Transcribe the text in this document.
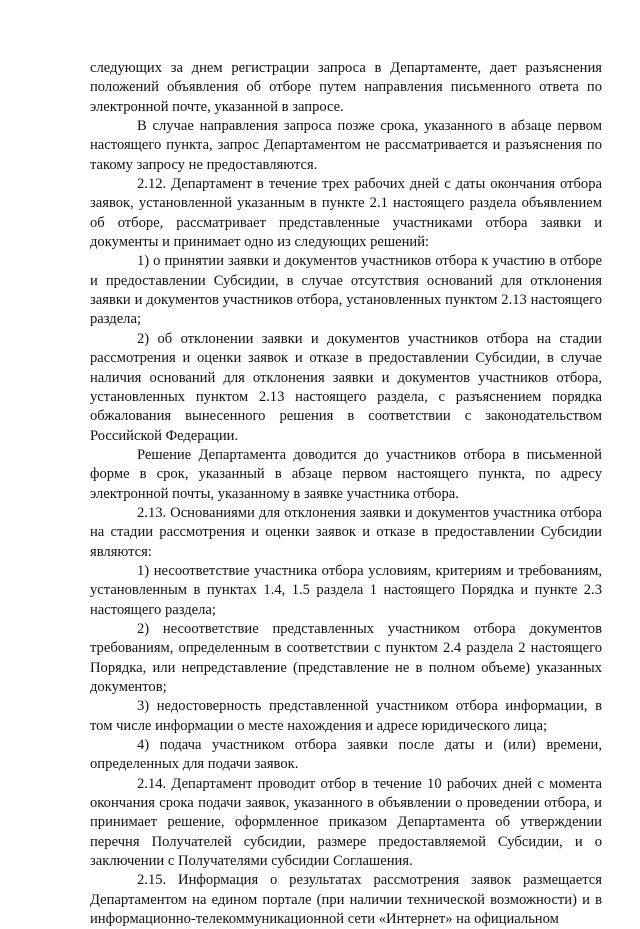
следующих за днем регистрации запроса в Департаменте, дает разъяснения положений объявления об отборе путем направления письменного ответа по электронной почте, указанной в запросе.

В случае направления запроса позже срока, указанного в абзаце первом настоящего пункта, запрос Департаментом не рассматривается и разъяснения по такому запросу не предоставляются.

2.12. Департамент в течение трех рабочих дней с даты окончания отбора заявок, установленной указанным в пункте 2.1 настоящего раздела объявлением об отборе, рассматривает представленные участниками отбора заявки и документы и принимает одно из следующих решений:

1) о принятии заявки и документов участников отбора к участию в отборе и предоставлении Субсидии, в случае отсутствия оснований для отклонения заявки и документов участников отбора, установленных пунктом 2.13 настоящего раздела;

2) об отклонении заявки и документов участников отбора на стадии рассмотрения и оценки заявок и отказе в предоставлении Субсидии, в случае наличия оснований для отклонения заявки и документов участников отбора, установленных пунктом 2.13 настоящего раздела, с разъяснением порядка обжалования вынесенного решения в соответствии с законодательством Российской Федерации.

Решение Департамента доводится до участников отбора в письменной форме в срок, указанный в абзаце первом настоящего пункта, по адресу электронной почты, указанному в заявке участника отбора.

2.13. Основаниями для отклонения заявки и документов участника отбора на стадии рассмотрения и оценки заявок и отказе в предоставлении Субсидии являются:

1) несоответствие участника отбора условиям, критериям и требованиям, установленным в пунктах 1.4, 1.5 раздела 1 настоящего Порядка и пункте 2.3 настоящего раздела;

2) несоответствие представленных участником отбора документов требованиям, определенным в соответствии с пунктом 2.4 раздела 2 настоящего Порядка, или непредставление (представление не в полном объеме) указанных документов;

3) недостоверность представленной участником отбора информации, в том числе информации о месте нахождения и адресе юридического лица;

4) подача участником отбора заявки после даты и (или) времени, определенных для подачи заявок.

2.14. Департамент проводит отбор в течение 10 рабочих дней с момента окончания срока подачи заявок, указанного в объявлении о проведении отбора, и принимает решение, оформленное приказом Департамента об утверждении перечня Получателей субсидии, размере предоставляемой Субсидии, и о заключении с Получателями субсидии Соглашения.

2.15. Информация о результатах рассмотрения заявок размещается Департаментом на едином портале (при наличии технической возможности) и в информационно-телекоммуникационной сети «Интернет» на официальном
